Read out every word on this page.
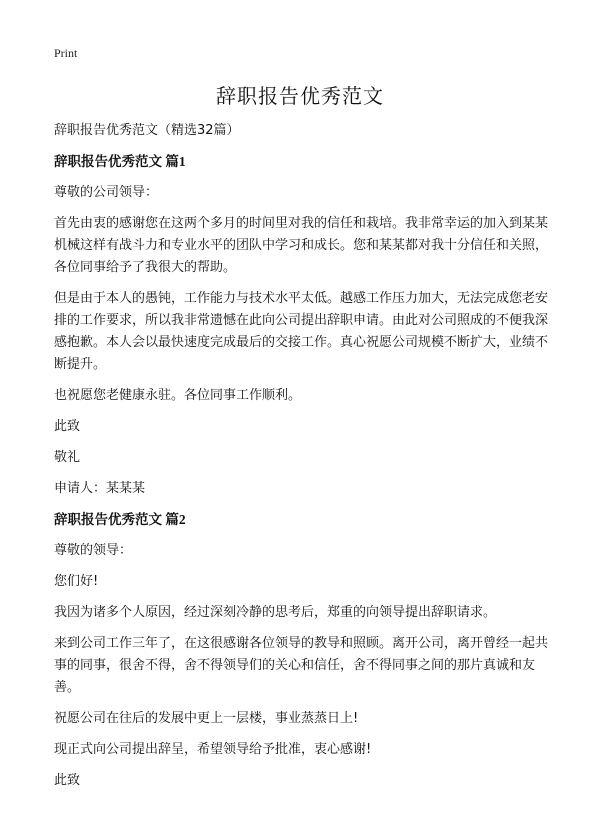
Print
辞职报告优秀范文

辞职报告优秀范文（精选32篇）

辞职报告优秀范文 篇1

尊敬的公司领导：

首先由衷的感谢您在这两个多月的时间里对我的信任和栽培。我非常幸运的加入到某某机械这样有战斗力和专业水平的团队中学习和成长。您和某某都对我十分信任和关照，各位同事给予了我很大的帮助。

但是由于本人的愚钝，工作能力与技术水平太低。越感工作压力加大，无法完成您老安排的工作要求，所以我非常遗憾在此向公司提出辞职申请。由此对公司照成的不便我深感抱歉。本人会以最快速度完成最后的交接工作。真心祝愿公司规模不断扩大，业绩不断提升。

也祝愿您老健康永驻。各位同事工作顺利。

此致

敬礼

申请人：某某某

辞职报告优秀范文 篇2

尊敬的领导：

您们好!

我因为诸多个人原因，经过深刻冷静的思考后，郑重的向领导提出辞职请求。

来到公司工作三年了，在这很感谢各位领导的教导和照顾。离开公司，离开曾经一起共事的同事，很舍不得，舍不得领导们的关心和信任，舍不得同事之间的那片真诚和友善。

祝愿公司在往后的发展中更上一层楼，事业蒸蒸日上!

现正式向公司提出辞呈，希望领导给予批准，衷心感谢!

此致
